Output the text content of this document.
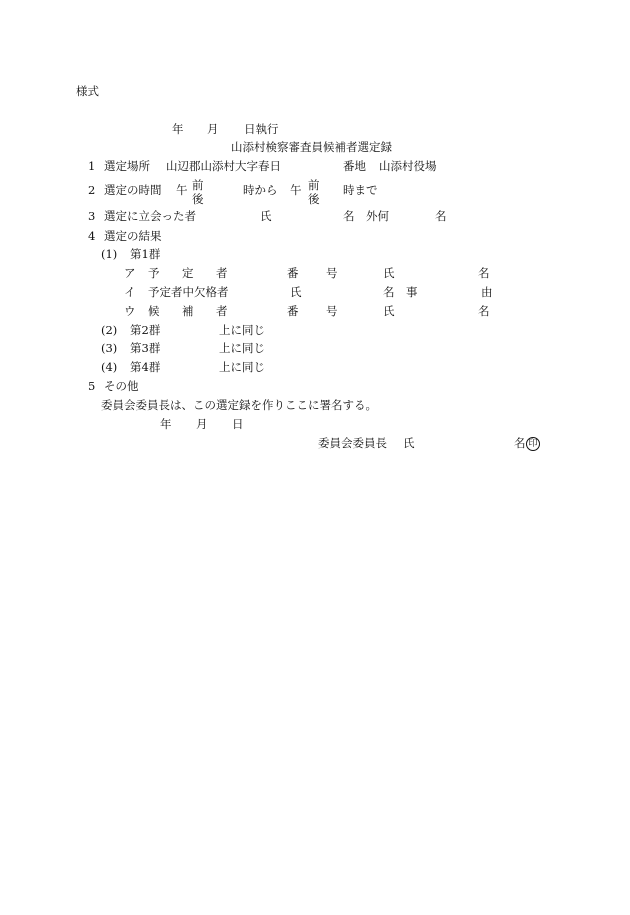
様式
年 月 日執行
山添村検察審査員候補者選定録
1 選定場所 山辺郡山添村大字春日	番地 山添村役場
2 選定の時間 午 前
後
時から 午 前
後
時まで
3 選定に立会った者	氏	名 外何	名
4 選定の結果
(1) 第1群
ア 予 定 者	番 号	氏	名
イ 予定者中欠格者	氏	名 事	由
ウ 候 補 者	番 号	氏	名
(2) 第2群	上に同じ
(3) 第3群	上に同じ
(4) 第4群	上に同じ
5 その他
委員会委員長は、この選定録を作りここに署名する。
年 月 日
委員会委員長 氏	名 印
